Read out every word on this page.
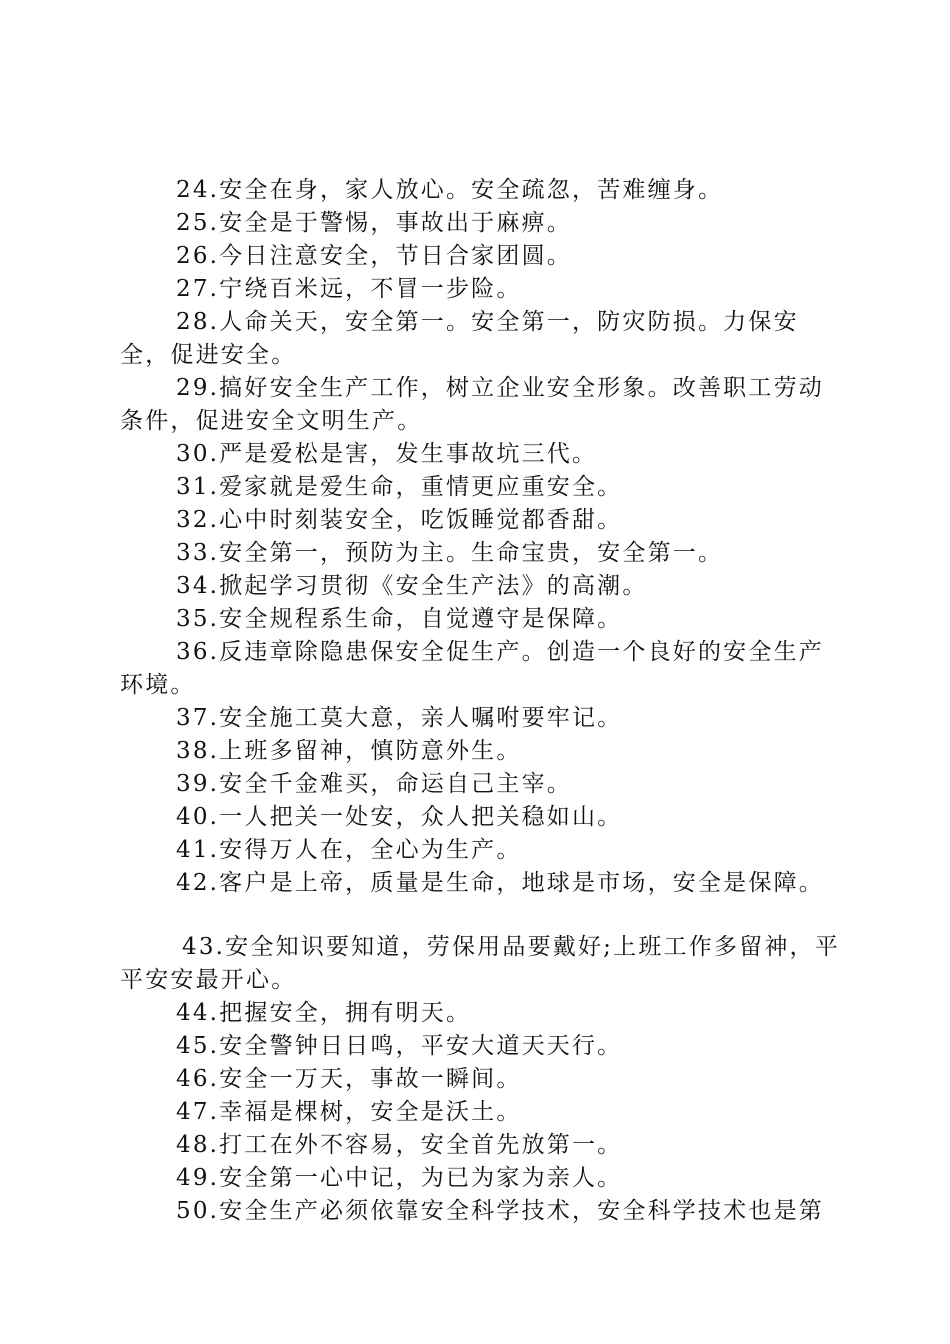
24.安全在身，家人放心。安全疏忽，苦难缠身。

25.安全是于警惕，事故出于麻痹。

26.今日注意安全，节日合家团圆。

27.宁绕百米远，不冒一步险。

28.人命关天，安全第一。安全第一，防灾防损。力保安全，促进安全。

29.搞好安全生产工作，树立企业安全形象。改善职工劳动条件，促进安全文明生产。

30.严是爱松是害，发生事故坑三代。

31.爱家就是爱生命，重情更应重安全。

32.心中时刻装安全，吃饭睡觉都香甜。

33.安全第一，预防为主。生命宝贵，安全第一。

34.掀起学习贯彻《安全生产法》的高潮。

35.安全规程系生命，自觉遵守是保障。

36.反违章除隐患保安全促生产。创造一个良好的安全生产环境。

37.安全施工莫大意，亲人嘱咐要牢记。

38.上班多留神，慎防意外生。

39.安全千金难买，命运自己主宰。

40.一人把关一处安，众人把关稳如山。

41.安得万人在，全心为生产。

42.客户是上帝，质量是生命，地球是市场，安全是保障。

43.安全知识要知道，劳保用品要戴好;上班工作多留神，平平安安最开心。

44.把握安全，拥有明天。

45.安全警钟日日鸣，平安大道天天行。

46.安全一万天，事故一瞬间。

47.幸福是棵树，安全是沃土。

48.打工在外不容易，安全首先放第一。

49.安全第一心中记，为已为家为亲人。

50.安全生产必须依靠安全科学技术，安全科学技术也是第
